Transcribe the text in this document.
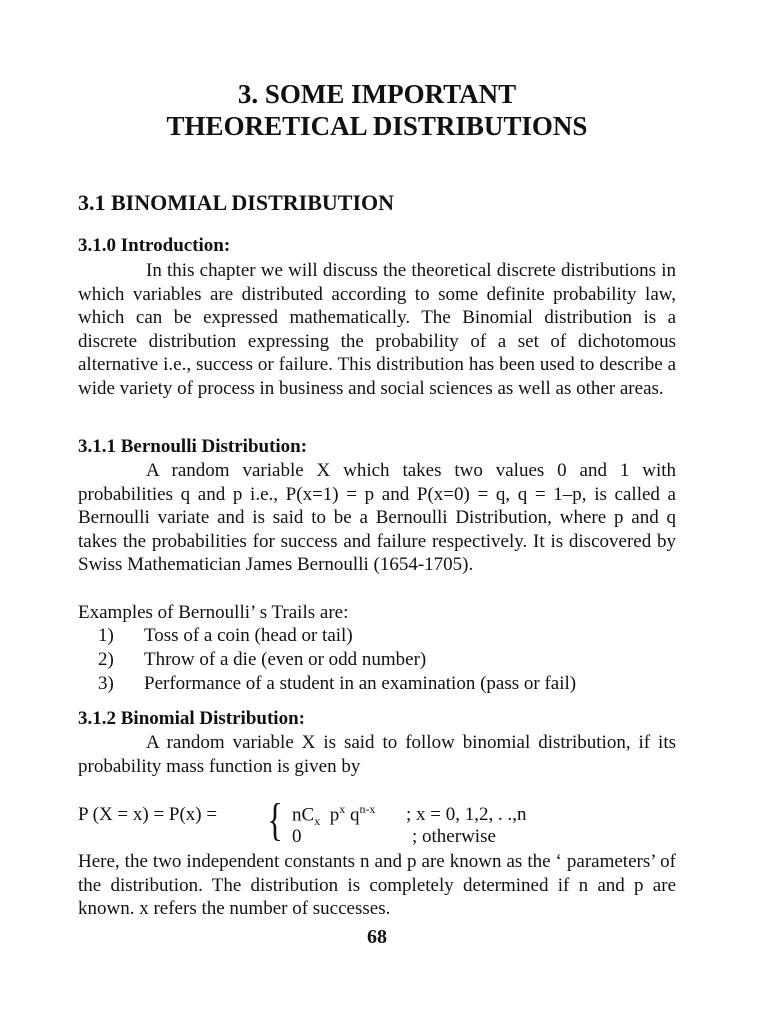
3. SOME IMPORTANT
THEORETICAL DISTRIBUTIONS
3.1 BINOMIAL DISTRIBUTION
3.1.0 Introduction:
In this chapter we will discuss the theoretical discrete distributions in which variables are distributed according to some definite probability law, which can be expressed mathematically. The Binomial distribution is a discrete distribution expressing the probability of a set of dichotomous alternative i.e., success or failure. This distribution has been used to describe a wide variety of process in business and social sciences as well as other areas.
3.1.1 Bernoulli Distribution:
A random variable X which takes two values 0 and 1 with probabilities q and p i.e., P(x=1) = p and P(x=0) = q, q = 1–p, is called a Bernoulli variate and is said to be a Bernoulli Distribution, where p and q takes the probabilities for success and failure respectively. It is discovered by Swiss Mathematician James Bernoulli (1654-1705).
Examples of Bernoulli’ s Trails are:
1) Toss of a coin (head or tail)
2) Throw of a die (even or odd number)
3) Performance of a student in an examination (pass or fail)
3.1.2 Binomial Distribution:
A random variable X is said to follow binomial distribution, if its probability mass function is given by
P (X = x) = P(x) = { $nC_x$ $p^x$ $q^{n-x}$ ; x = 0, 1,2, . .,n
0	; otherwise
Here, the two independent constants n and p are known as the ‘ parameters’ of the distribution. The distribution is completely determined if n and p are known. x refers the number of successes.
68
